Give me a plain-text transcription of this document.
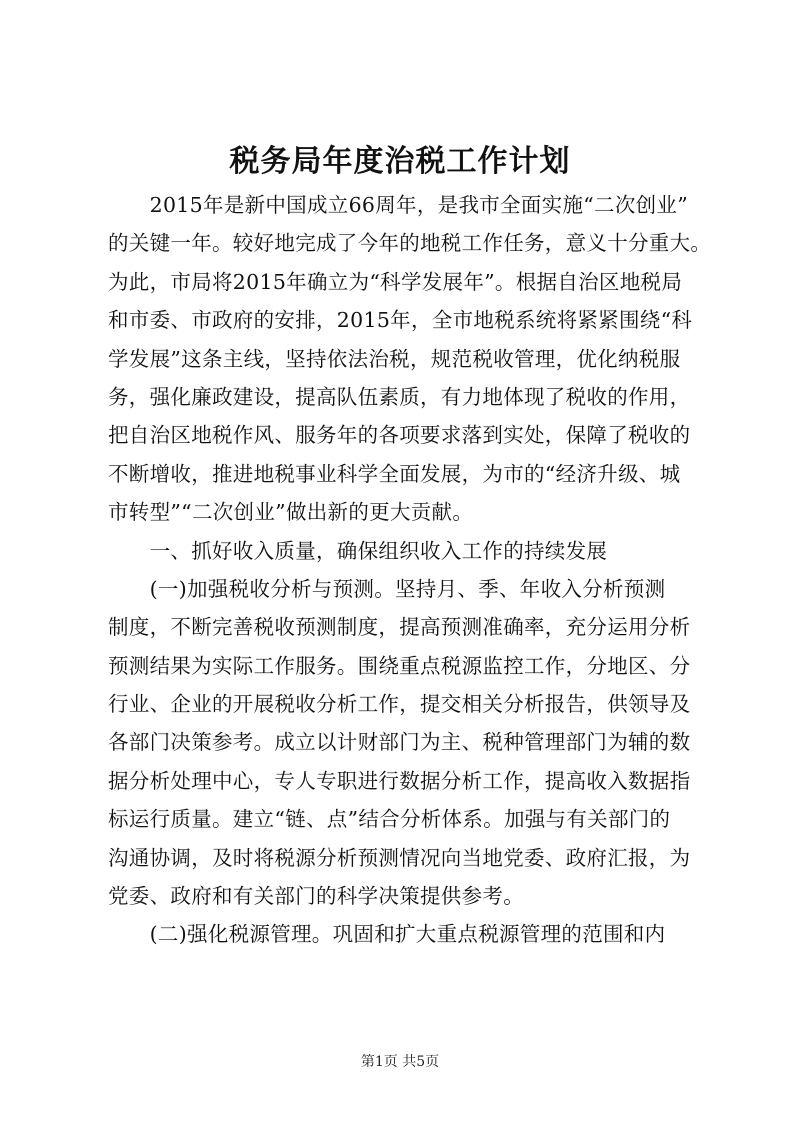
税务局年度治税工作计划
　　2015年是新中国成立66周年，是我市全面实施“二次创业”
的关键一年。较好地完成了今年的地税工作任务，意义十分重大。
为此，市局将2015年确立为“科学发展年”。根据自治区地税局
和市委、市政府的安排，2015年，全市地税系统将紧紧围绕“科
学发展”这条主线，坚持依法治税，规范税收管理，优化纳税服
务，强化廉政建设，提高队伍素质，有力地体现了税收的作用，
把自治区地税作风、服务年的各项要求落到实处，保障了税收的
不断增收，推进地税事业科学全面发展，为市的“经济升级、城
市转型”“二次创业”做出新的更大贡献。
　　一、抓好收入质量，确保组织收入工作的持续发展
　　(一)加强税收分析与预测。坚持月、季、年收入分析预测
制度，不断完善税收预测制度，提高预测准确率，充分运用分析
预测结果为实际工作服务。围绕重点税源监控工作，分地区、分
行业、企业的开展税收分析工作，提交相关分析报告，供领导及
各部门决策参考。成立以计财部门为主、税种管理部门为辅的数
据分析处理中心，专人专职进行数据分析工作，提高收入数据指
标运行质量。建立“链、点”结合分析体系。加强与有关部门的
沟通协调，及时将税源分析预测情况向当地党委、政府汇报，为
党委、政府和有关部门的科学决策提供参考。
　　(二)强化税源管理。巩固和扩大重点税源管理的范围和内
第1页 共5页
